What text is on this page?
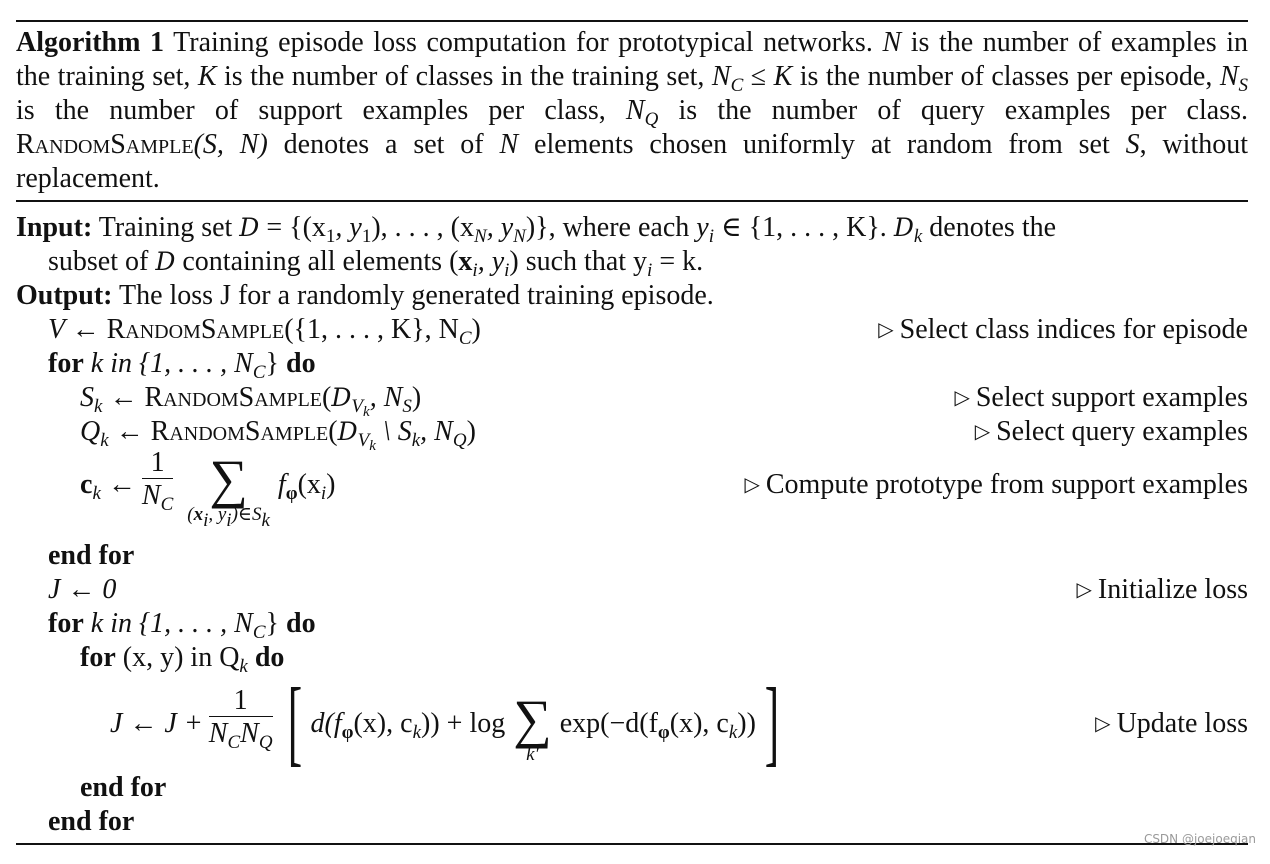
Algorithm 1 Training episode loss computation for prototypical networks. N is the number of examples in the training set, K is the number of classes in the training set, $N_C \le K$ is the number of classes per episode, $N_S$ is the number of support examples per class, $N_Q$ is the number of query examples per class. RandomSample(S, N) denotes a set of N elements chosen uniformly at random from set S, without replacement.
Input: Training set $D = \{(x_1$, $y_1$), . . . , ($x_N$, $y_N$)}, where each $y_i$ ∈ {1, . . . , K}. $D_k$ denotes the
subset of D containing all elements ($x_i$, $y_i$) such that $y_i = k$.
Output: The loss J for a randomly generated training episode.
V ← RandomSample({1, . . . , K}, $N_C$)	▷ Select class indices for episode
for k in {1, . . . , $N_C$} do
$S_k$ ← $RandomSample(D_{V_k}$, $N_S$)	▷ Select support examples
$Q_k$ ← $RandomSample(D_{V_k}$ \ $S_k$, $N_Q$)	▷ Select query examples
$c_k$ ← $\frac{1}{N_C}$ ∑
($x_i$, $y_i)\in S_k$
$f_\varphi(x_i)$	▷ Compute prototype from support examples
end for
J ← 0	▷ Initialize loss
for k in {1, . . . , $N_C$} do
for (x, y) in $Q_k$ do
J ← $J + \frac{1}{N_CN_Q}$ [ $d(f_\varphi(x)$, $c_k)) + \log$ ∑
k′
$\exp(-d(f_\varphi(x)$, $c_k$)) ]	▷ Update loss
end for
end for
CSDN @joejoeqian
